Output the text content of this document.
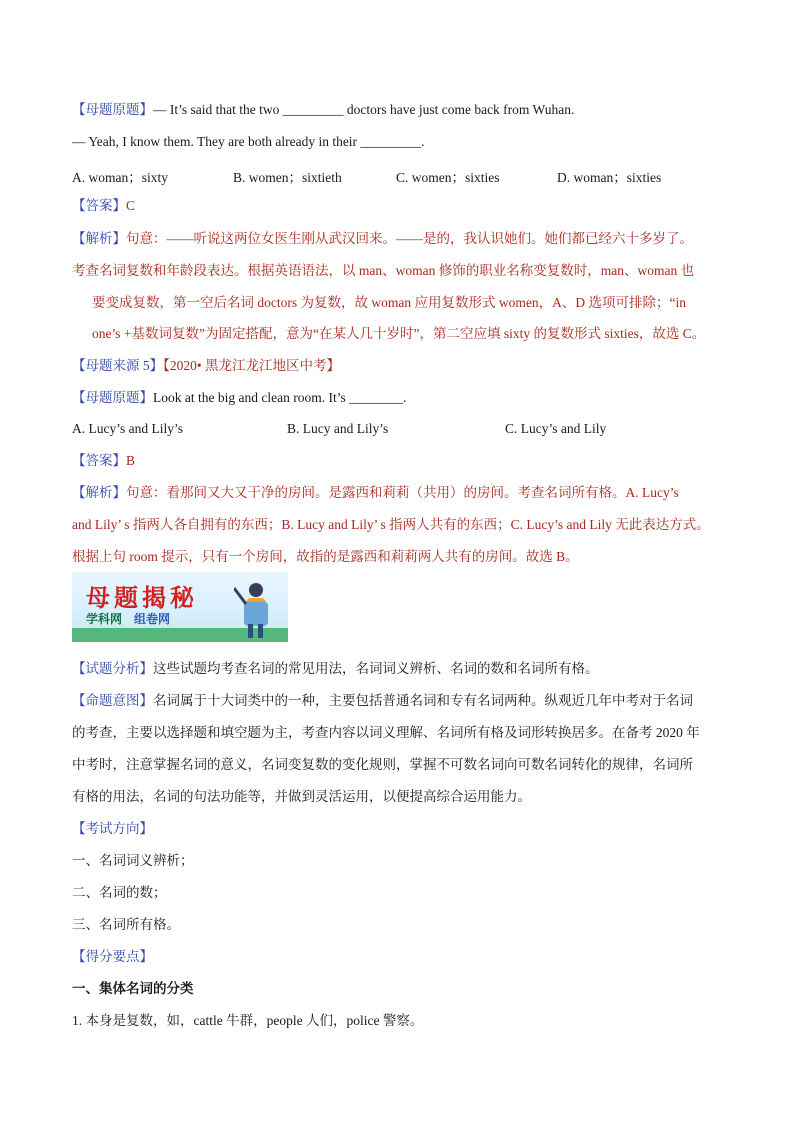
【母题原题】— It’s said that the two _________ doctors have just come back from Wuhan.
— Yeah, I know them. They are both already in their _________.
A. woman；sixty	B. women；sixtieth	C. women；sixties	D. woman；sixties
【答案】C
【解析】句意：——听说这两位女医生刚从武汉回来。——是的，我认识她们。她们都已经六十多岁了。
考查名词复数和年龄段表达。根据英语语法，以 man、woman 修饰的职业名称变复数时，man、woman 也
要变成复数，第一空后名词 doctors 为复数，故 woman 应用复数形式 women，A、D 选项可排除；“in
one’s +基数词复数”为固定搭配，意为“在某人几十岁时”，第二空应填 sixty 的复数形式 sixties，故选 C。
【母题来源 5】【2020• 黑龙江龙江地区中考】
【母题原题】Look at the big and clean room. It’s ________.
A. Lucy’s and Lily’s	B. Lucy and Lily’s	C. Lucy’s and Lily
【答案】B
【解析】句意：看那间又大又干净的房间。是露西和莉莉（共用）的房间。考查名词所有格。A. Lucy’s
and Lily’ s 指两人各自拥有的东西；B. Lucy and Lily’ s 指两人共有的东西；C. Lucy’s and Lily 无此表达方式。
根据上句 room 提示，只有一个房间，故指的是露西和莉莉两人共有的房间。故选 B。
母题揭秘
学科网 组卷网
【试题分析】这些试题均考查名词的常见用法，名词词义辨析、名词的数和名词所有格。
【命题意图】名词属于十大词类中的一种，主要包括普通名词和专有名词两种。纵观近几年中考对于名词
的考查，主要以选择题和填空题为主，考查内容以词义理解、名词所有格及词形转换居多。在备考 2020 年
中考时，注意掌握名词的意义，名词变复数的变化规则，掌握不可数名词向可数名词转化的规律，名词所
有格的用法，名词的句法功能等，并做到灵活运用，以便提高综合运用能力。
【考试方向】
一、名词词义辨析；
二、名词的数；
三、名词所有格。
【得分要点】
一、集体名词的分类
1. 本身是复数，如，cattle 牛群，people 人们，police 警察。
